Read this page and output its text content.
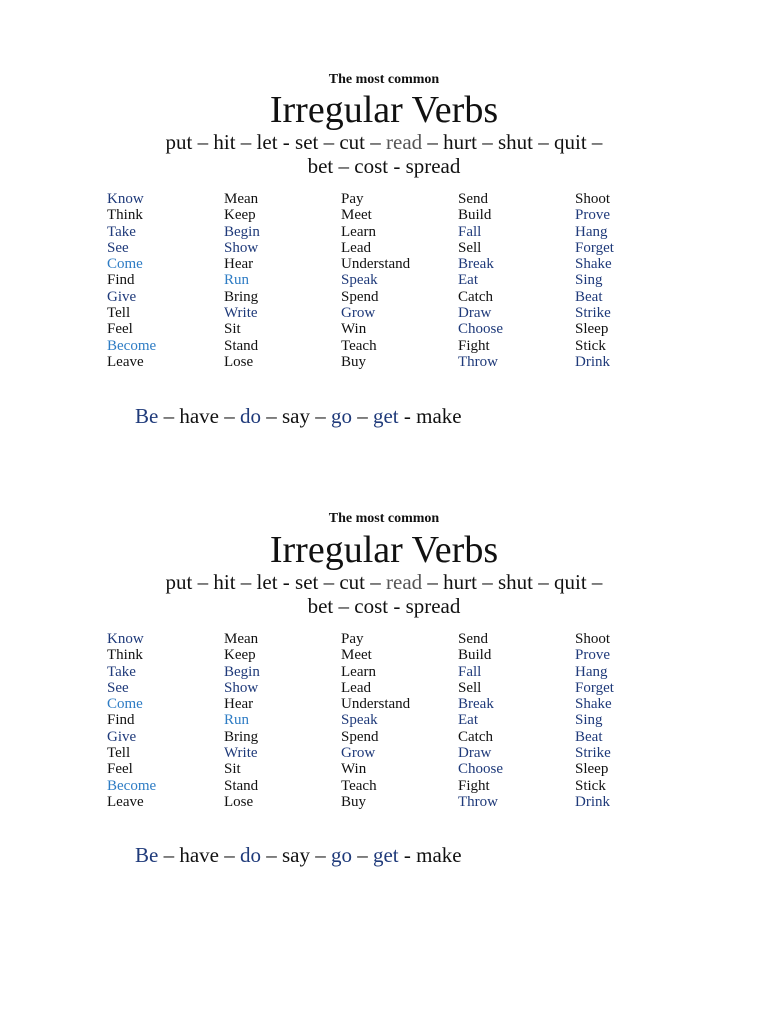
The most common
Irregular Verbs
put – hit – let - set – cut – read – hurt – shut – quit –
bet – cost - spread
Know
Think
Take
See
Come
Find
Give
Tell
Feel
Become
Leave
Mean
Keep
Begin
Show
Hear
Run
Bring
Write
Sit
Stand
Lose
Pay
Meet
Learn
Lead
Understand
Speak
Spend
Grow
Win
Teach
Buy
Send
Build
Fall
Sell
Break
Eat
Catch
Draw
Choose
Fight
Throw
Shoot
Prove
Hang
Forget
Shake
Sing
Beat
Strike
Sleep
Stick
Drink
Be – have – do – say – go – get - make
The most common
Irregular Verbs
put – hit – let - set – cut – read – hurt – shut – quit –
bet – cost - spread
Know
Think
Take
See
Come
Find
Give
Tell
Feel
Become
Leave
Mean
Keep
Begin
Show
Hear
Run
Bring
Write
Sit
Stand
Lose
Pay
Meet
Learn
Lead
Understand
Speak
Spend
Grow
Win
Teach
Buy
Send
Build
Fall
Sell
Break
Eat
Catch
Draw
Choose
Fight
Throw
Shoot
Prove
Hang
Forget
Shake
Sing
Beat
Strike
Sleep
Stick
Drink
Be – have – do – say – go – get - make
